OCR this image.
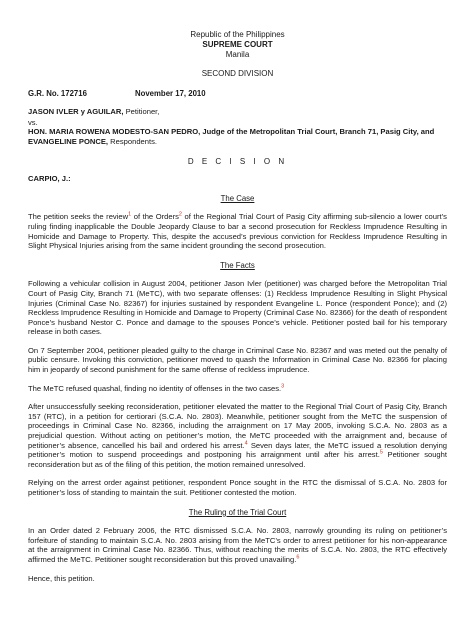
Republic of the Philippines
SUPREME COURT
Manila
SECOND DIVISION
G.R. No. 172716	November 17, 2010
JASON IVLER y AGUILAR, Petitioner,
vs.
HON. MARIA ROWENA MODESTO-SAN PEDRO, Judge of the Metropolitan Trial Court, Branch 71, Pasig City, and EVANGELINE PONCE, Respondents.
D E C I S I O N
CARPIO, J.:
The Case

The petition seeks the review$^1$ of the Orders$^2$ of the Regional Trial Court of Pasig City affirming sub-silencio a lower court’s ruling finding inapplicable the Double Jeopardy Clause to bar a second prosecution for Reckless Imprudence Resulting in Homicide and Damage to Property. This, despite the accused’s previous conviction for Reckless Imprudence Resulting in Slight Physical Injuries arising from the same incident grounding the second prosecution.

The Facts

Following a vehicular collision in August 2004, petitioner Jason Ivler (petitioner) was charged before the Metropolitan Trial Court of Pasig City, Branch 71 (MeTC), with two separate offenses: (1) Reckless Imprudence Resulting in Slight Physical Injuries (Criminal Case No. 82367) for injuries sustained by respondent Evangeline L. Ponce (respondent Ponce); and (2) Reckless Imprudence Resulting in Homicide and Damage to Property (Criminal Case No. 82366) for the death of respondent Ponce’s husband Nestor C. Ponce and damage to the spouses Ponce’s vehicle. Petitioner posted bail for his temporary release in both cases.

On 7 September 2004, petitioner pleaded guilty to the charge in Criminal Case No. 82367 and was meted out the penalty of public censure. Invoking this conviction, petitioner moved to quash the Information in Criminal Case No. 82366 for placing him in jeopardy of second punishment for the same offense of reckless imprudence.

The MeTC refused quashal, finding no identity of offenses in the two cases.$^3$

After unsuccessfully seeking reconsideration, petitioner elevated the matter to the Regional Trial Court of Pasig City, Branch 157 (RTC), in a petition for certiorari (S.C.A. No. 2803). Meanwhile, petitioner sought from the MeTC the suspension of proceedings in Criminal Case No. 82366, including the arraignment on 17 May 2005, invoking S.C.A. No. 2803 as a prejudicial question. Without acting on petitioner’s motion, the MeTC proceeded with the arraignment and, because of petitioner’s absence, cancelled his bail and ordered his arrest.$^4$ Seven days later, the MeTC issued a resolution denying petitioner’s motion to suspend proceedings and postponing his arraignment until after his arrest.$^5$ Petitioner sought reconsideration but as of the filing of this petition, the motion remained unresolved.

Relying on the arrest order against petitioner, respondent Ponce sought in the RTC the dismissal of S.C.A. No. 2803 for petitioner’s loss of standing to maintain the suit. Petitioner contested the motion.

The Ruling of the Trial Court

In an Order dated 2 February 2006, the RTC dismissed S.C.A. No. 2803, narrowly grounding its ruling on petitioner’s forfeiture of standing to maintain S.C.A. No. 2803 arising from the MeTC’s order to arrest petitioner for his non-appearance at the arraignment in Criminal Case No. 82366. Thus, without reaching the merits of S.C.A. No. 2803, the RTC effectively affirmed the MeTC. Petitioner sought reconsideration but this proved unavailing.$^6$

Hence, this petition.
